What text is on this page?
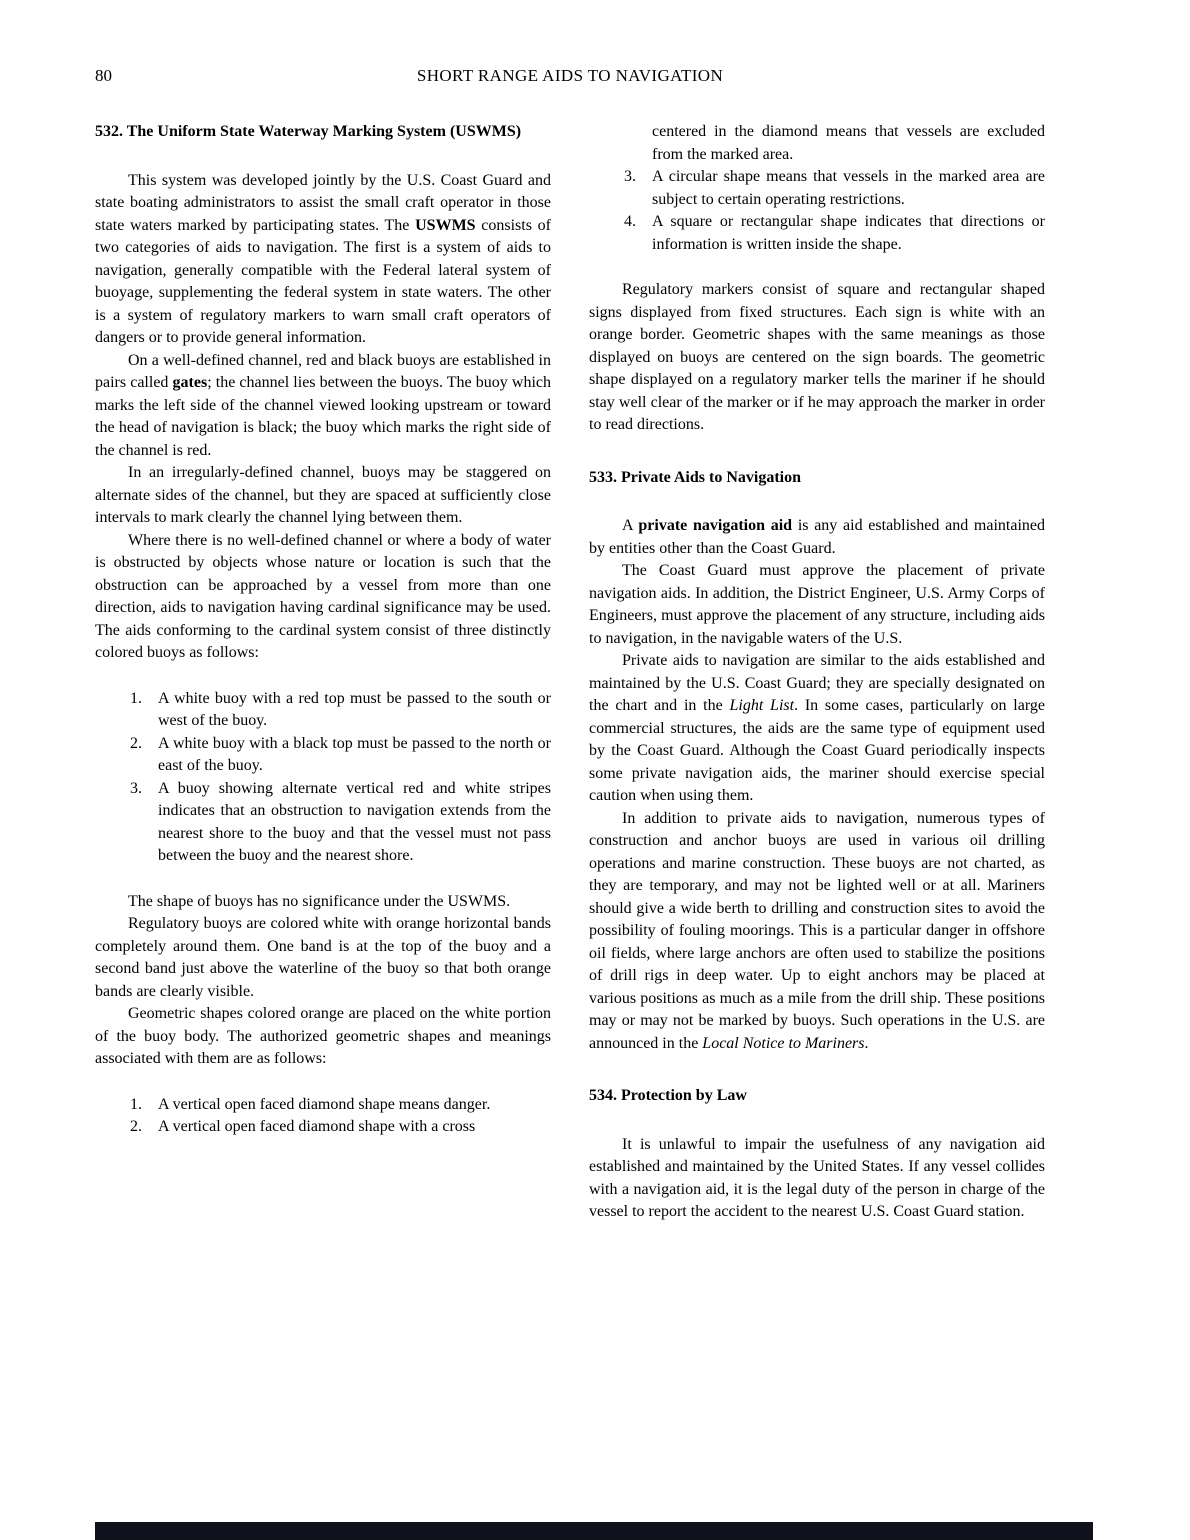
80	SHORT RANGE AIDS TO NAVIGATION
532. The Uniform State Waterway Marking System (USWMS)

This system was developed jointly by the U.S. Coast Guard and state boating administrators to assist the small craft operator in those state waters marked by participating states. The USWMS consists of two categories of aids to navigation. The first is a system of aids to navigation, generally compatible with the Federal lateral system of buoyage, supplementing the federal system in state waters. The other is a system of regulatory markers to warn small craft operators of dangers or to provide general information.

On a well-defined channel, red and black buoys are established in pairs called gates; the channel lies between the buoys. The buoy which marks the left side of the channel viewed looking upstream or toward the head of navigation is black; the buoy which marks the right side of the channel is red.

In an irregularly-defined channel, buoys may be staggered on alternate sides of the channel, but they are spaced at sufficiently close intervals to mark clearly the channel lying between them.

Where there is no well-defined channel or where a body of water is obstructed by objects whose nature or location is such that the obstruction can be approached by a vessel from more than one direction, aids to navigation having cardinal significance may be used. The aids conforming to the cardinal system consist of three distinctly colored buoys as follows:

1.	A white buoy with a red top must be passed to the south or west of the buoy.
2.	A white buoy with a black top must be passed to the north or east of the buoy.
3.	A buoy showing alternate vertical red and white stripes indicates that an obstruction to navigation extends from the nearest shore to the buoy and that the vessel must not pass between the buoy and the nearest shore.

The shape of buoys has no significance under the USWMS.

Regulatory buoys are colored white with orange horizontal bands completely around them. One band is at the top of the buoy and a second band just above the waterline of the buoy so that both orange bands are clearly visible.

Geometric shapes colored orange are placed on the white portion of the buoy body. The authorized geometric shapes and meanings associated with them are as follows:

1.	A vertical open faced diamond shape means danger.
2.	A vertical open faced diamond shape with a cross
centered in the diamond means that vessels are excluded from the marked area.
3.	A circular shape means that vessels in the marked area are subject to certain operating restrictions.
4.	A square or rectangular shape indicates that directions or information is written inside the shape.

Regulatory markers consist of square and rectangular shaped signs displayed from fixed structures. Each sign is white with an orange border. Geometric shapes with the same meanings as those displayed on buoys are centered on the sign boards. The geometric shape displayed on a regulatory marker tells the mariner if he should stay well clear of the marker or if he may approach the marker in order to read directions.

533. Private Aids to Navigation

A private navigation aid is any aid established and maintained by entities other than the Coast Guard.

The Coast Guard must approve the placement of private navigation aids. In addition, the District Engineer, U.S. Army Corps of Engineers, must approve the placement of any structure, including aids to navigation, in the navigable waters of the U.S.

Private aids to navigation are similar to the aids established and maintained by the U.S. Coast Guard; they are specially designated on the chart and in the Light List. In some cases, particularly on large commercial structures, the aids are the same type of equipment used by the Coast Guard. Although the Coast Guard periodically inspects some private navigation aids, the mariner should exercise special caution when using them.

In addition to private aids to navigation, numerous types of construction and anchor buoys are used in various oil drilling operations and marine construction. These buoys are not charted, as they are temporary, and may not be lighted well or at all. Mariners should give a wide berth to drilling and construction sites to avoid the possibility of fouling moorings. This is a particular danger in offshore oil fields, where large anchors are often used to stabilize the positions of drill rigs in deep water. Up to eight anchors may be placed at various positions as much as a mile from the drill ship. These positions may or may not be marked by buoys. Such operations in the U.S. are announced in the Local Notice to Mariners.

534. Protection by Law

It is unlawful to impair the usefulness of any navigation aid established and maintained by the United States. If any vessel collides with a navigation aid, it is the legal duty of the person in charge of the vessel to report the accident to the nearest U.S. Coast Guard station.
